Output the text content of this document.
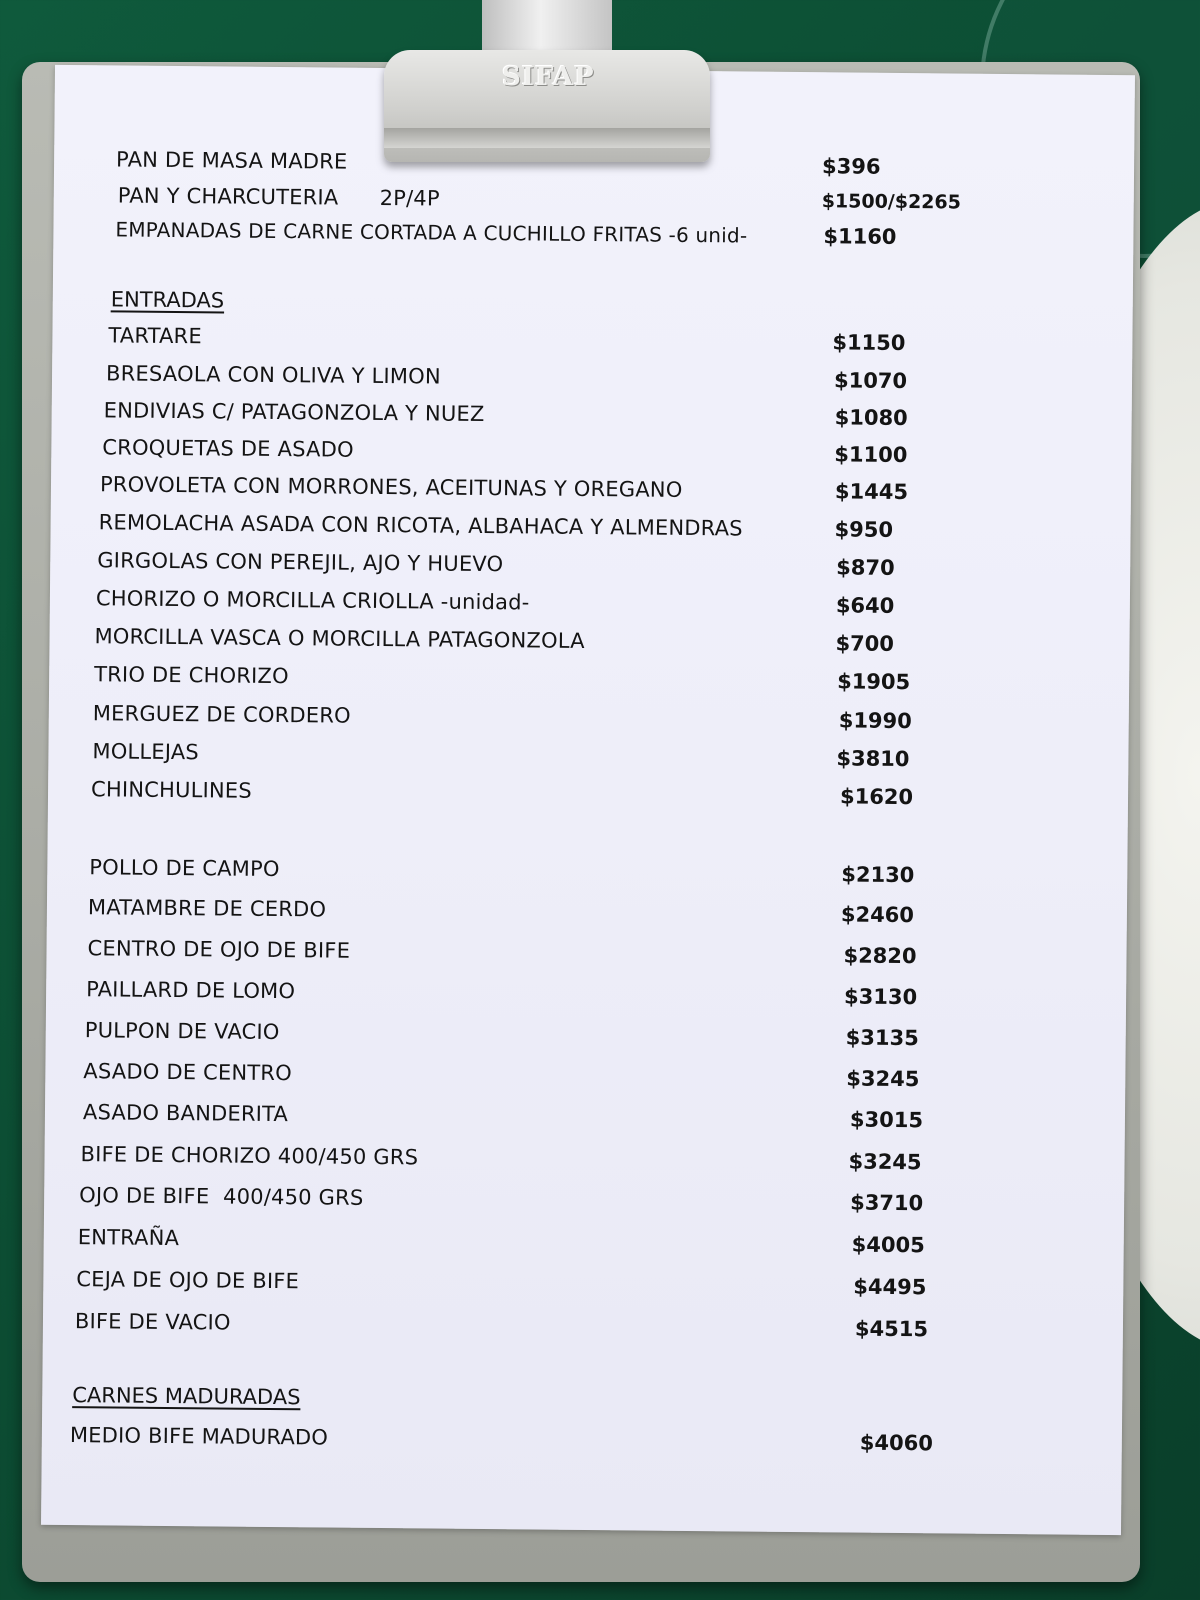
PAN DE MASA MADRE	$396
PAN Y CHARCUTERIA      2P/4P	$1500/$2265
EMPANADAS DE CARNE CORTADA A CUCHILLO FRITAS -6 unid-	$1160
ENTRADAS
TARTARE	$1150
BRESAOLA CON OLIVA Y LIMON	$1070
ENDIVIAS C/ PATAGONZOLA Y NUEZ	$1080
CROQUETAS DE ASADO	$1100
PROVOLETA CON MORRONES, ACEITUNAS Y OREGANO	$1445
REMOLACHA ASADA CON RICOTA, ALBAHACA Y ALMENDRAS	$950
GIRGOLAS CON PEREJIL, AJO Y HUEVO	$870
CHORIZO O MORCILLA CRIOLLA -unidad-	$640
MORCILLA VASCA O MORCILLA PATAGONZOLA	$700
TRIO DE CHORIZO	$1905
MERGUEZ DE CORDERO	$1990
MOLLEJAS	$3810
CHINCHULINES	$1620
POLLO DE CAMPO	$2130
MATAMBRE DE CERDO	$2460
CENTRO DE OJO DE BIFE	$2820
PAILLARD DE LOMO	$3130
PULPON DE VACIO	$3135
ASADO DE CENTRO	$3245
ASADO BANDERITA	$3015
BIFE DE CHORIZO 400/450 GRS	$3245
OJO DE BIFE  400/450 GRS	$3710
ENTRAÑA	$4005
CEJA DE OJO DE BIFE	$4495
BIFE DE VACIO	$4515
CARNES MADURADAS
MEDIO BIFE MADURADO	$4060
SIFAP
